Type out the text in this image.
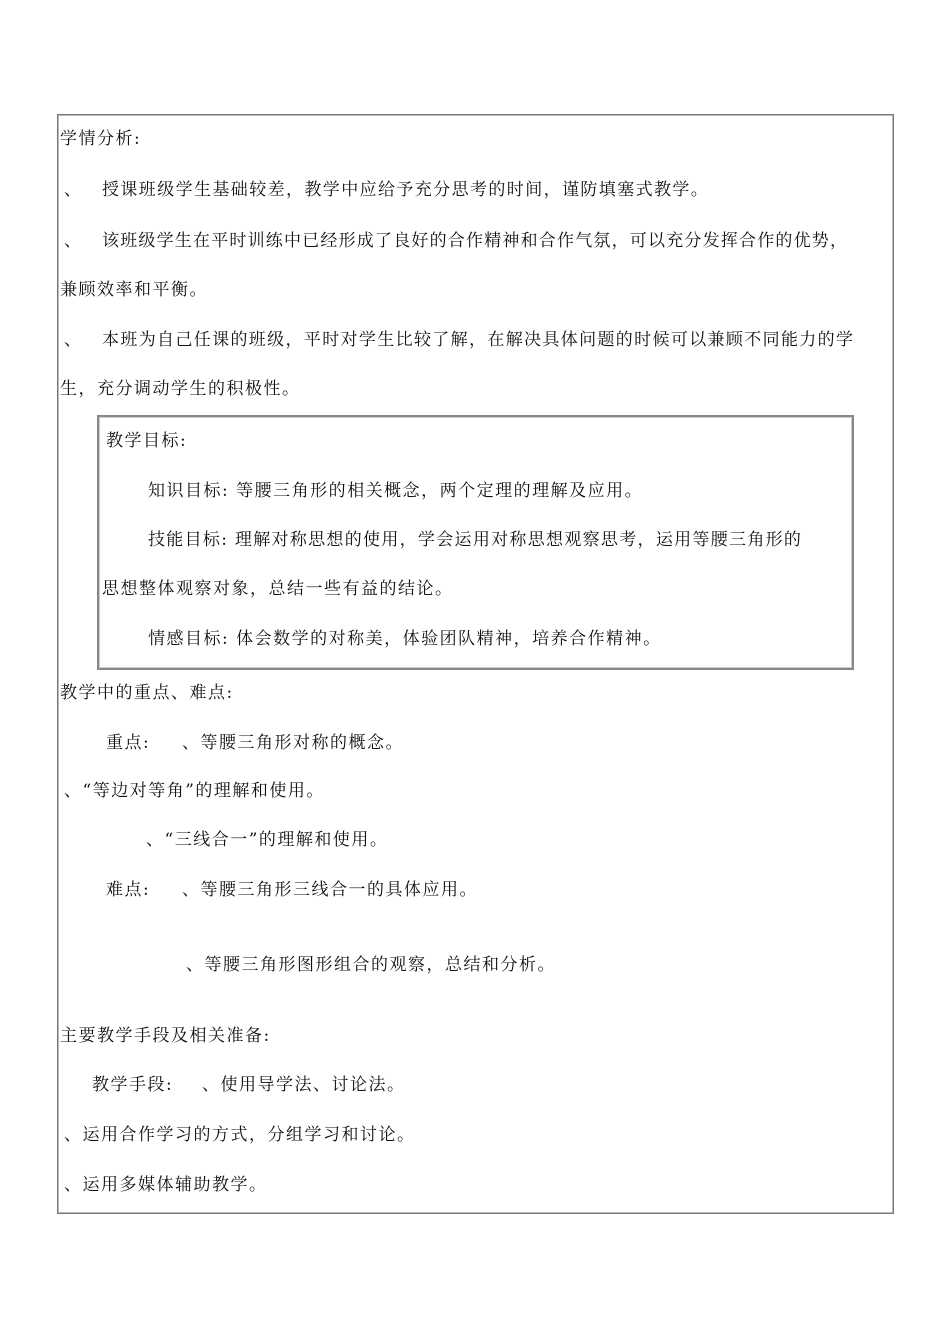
学情分析:
、 授课班级学生基础较差，教学中应给予充分思考的时间，谨防填塞式教学。
、 该班级学生在平时训练中已经形成了良好的合作精神和合作气氛，可以充分发挥合作的优势，
兼顾效率和平衡。
、 本班为自己任课的班级，平时对学生比较了解，在解决具体问题的时候可以兼顾不同能力的学
生，充分调动学生的积极性。
教学目标:
知识目标: 等腰三角形的相关概念，两个定理的理解及应用。
技能目标: 理解对称思想的使用，学会运用对称思想观察思考，运用等腰三角形的
思想整体观察对象，总结一些有益的结论。
情感目标: 体会数学的对称美，体验团队精神，培养合作精神。
教学中的重点、难点:
重点: 、等腰三角形对称的概念。
、“等边对等角”的理解和使用。
、“三线合一”的理解和使用。
难点: 、等腰三角形三线合一的具体应用。
、等腰三角形图形组合的观察，总结和分析。
主要教学手段及相关准备:
教学手段: 、使用导学法、讨论法。
、运用合作学习的方式，分组学习和讨论。
、运用多媒体辅助教学。
